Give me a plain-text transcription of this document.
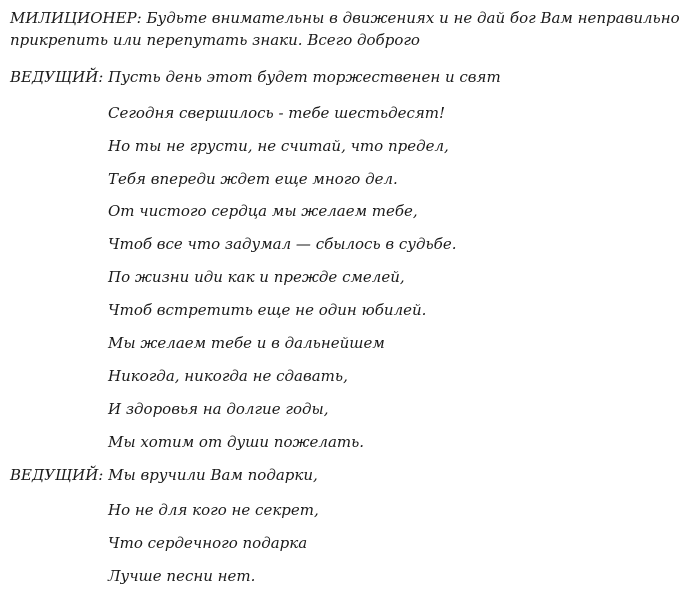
МИЛИЦИОНЕР: Будьте внимательны в движениях и не дай бог Вам неправильно
прикрепить или перепутать знаки. Всего доброго
ВЕДУЩИЙ: Пусть день этот будет торжественен и свят
Сегодня свершилось - тебе шестьдесят!
Но ты не грусти, не считай, что предел,
Тебя впереди ждет еще много дел.
От чистого сердца мы желаем тебе,
Чтоб все что задумал — сбылось в судьбе.
По жизни иди как и прежде смелей,
Чтоб встретить еще не один юбилей.
Мы желаем тебе и в дальнейшем
Никогда, никогда не сдавать,
И здоровья на долгие годы,
Мы хотим от души пожелать.
ВЕДУЩИЙ: Мы вручили Вам подарки,
Но не для кого не секрет,
Что сердечного подарка
Лучше песни нет.
